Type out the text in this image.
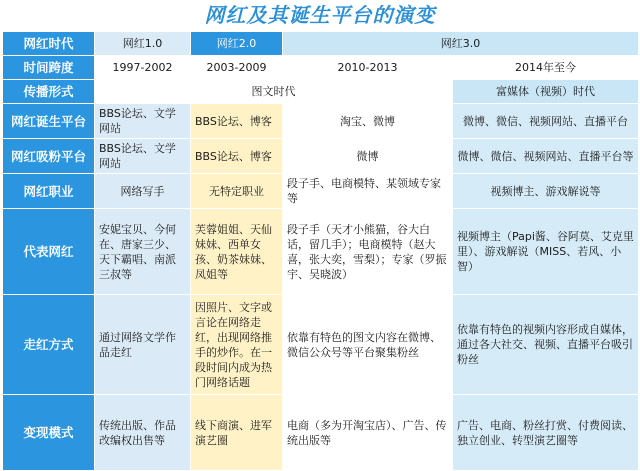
网红及其诞生平台的演变
网红时代	网红1.0	网红2.0	网红3.0	
时间跨度	1997-2002	2003-2009	2010-2013	2014年至今
传播形式	图文时代			富媒体（视频）时代
网红诞生平台	BBS论坛、文学网站	BBS论坛、博客	淘宝、微博	微博、微信、视频网站、直播平台
网红吸粉平台	BBS论坛、文学网站	BBS论坛、博客	微博	微博、微信、视频网站、直播平台等
网红职业	网络写手	无特定职业	段子手、电商模特、某领域专家等	视频博主、游戏解说等
代表网红	安妮宝贝、今何在、唐家三少、天下霸唱、南派三叔等	芙蓉姐姐、天仙妹妹、西单女孩、奶茶妹妹、凤姐等	段子手（天才小熊猫，谷大白话，留几手）；电商模特（赵大喜，张大奕，雪梨）；专家（罗振宇、吴晓波）	视频博主（Papi酱、谷阿莫、艾克里里）、游戏解说（MISS、若风、小智）
走红方式	通过网络文学作品走红	因照片、文字或言论在网络走红，出现网络推手的炒作。在一段时间内成为热门网络话题	依靠有特色的图文内容在微博、微信公众号等平台聚集粉丝	依靠有特色的视频内容形成自媒体，通过各大社交、视频、直播平台吸引粉丝
变现模式	传统出版、作品改编权出售等	线下商演、进军演艺圈	电商（多为开淘宝店）、广告、传统出版等	广告、电商、粉丝打赏、付费阅读、独立创业、转型演艺圈等
